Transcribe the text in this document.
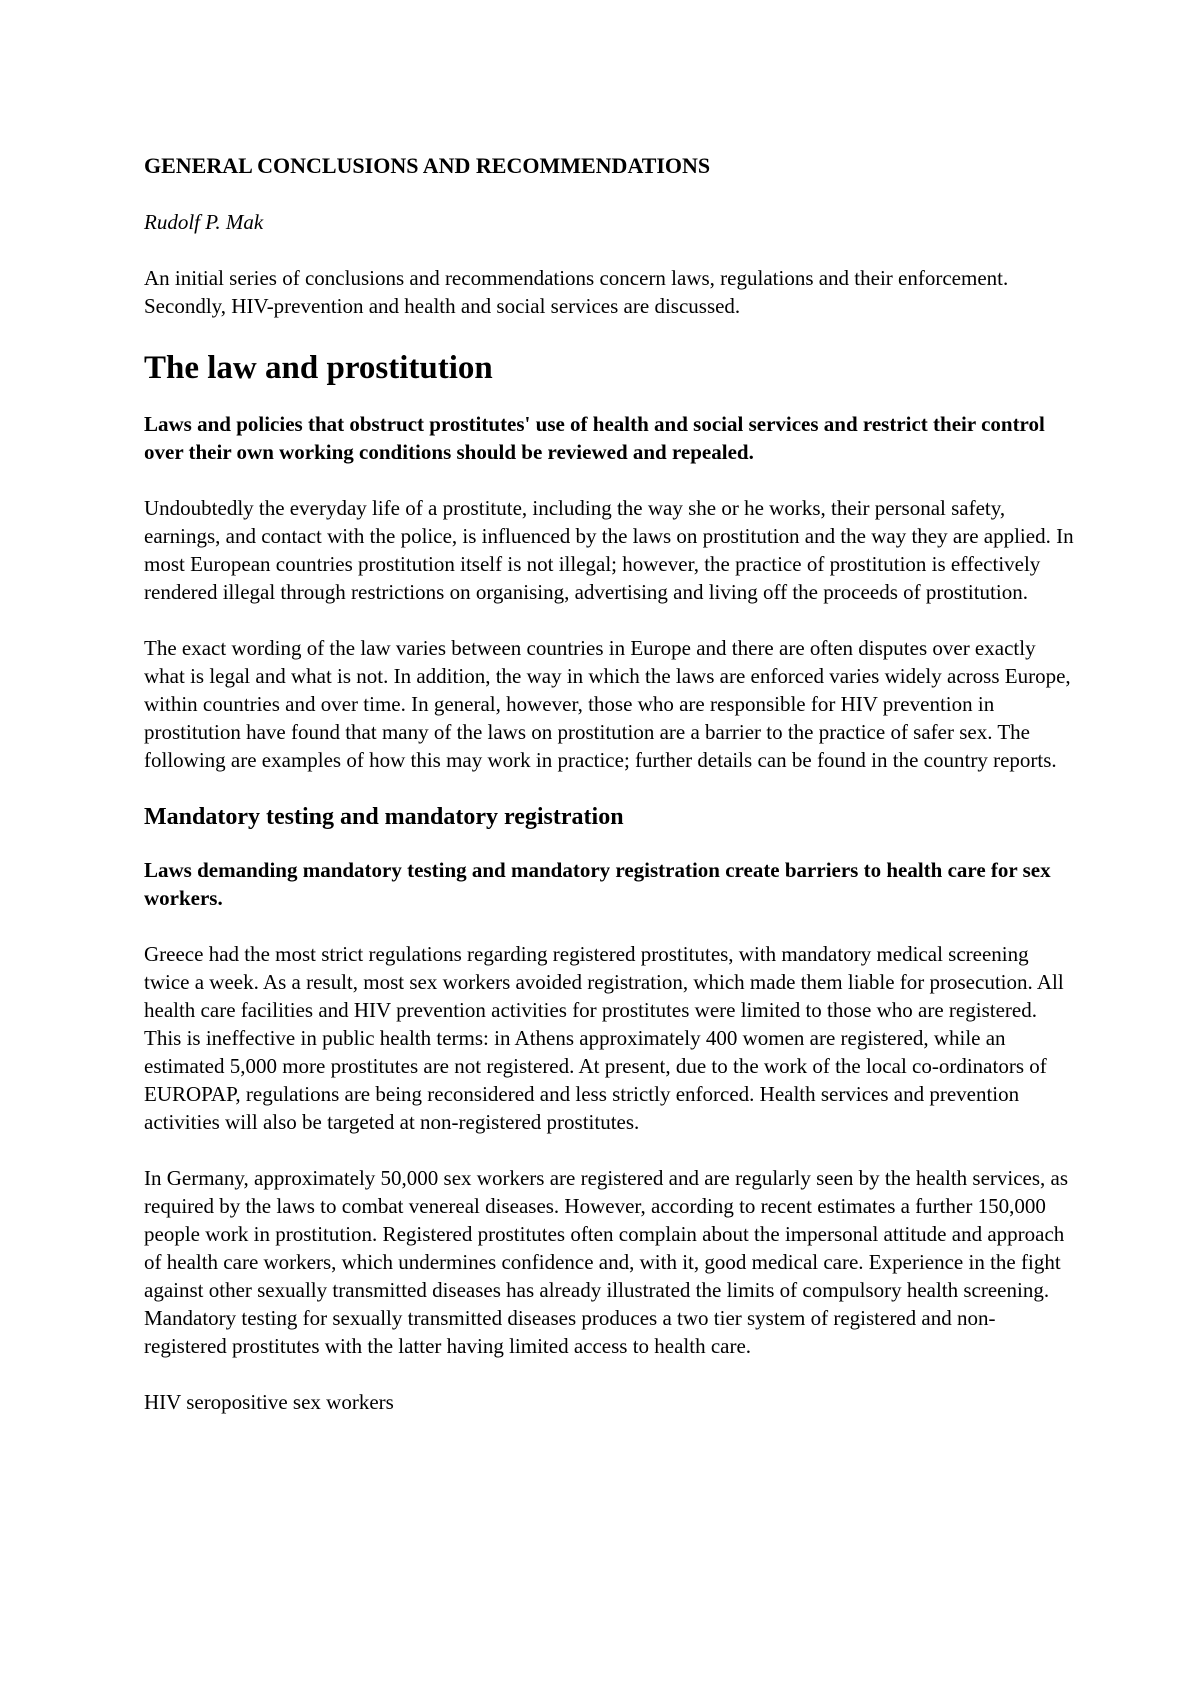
GENERAL CONCLUSIONS AND RECOMMENDATIONS
Rudolf P. Mak

An initial series of conclusions and recommendations concern laws, regulations and their enforcement. Secondly, HIV-prevention and health and social services are discussed.

The law and prostitution

Laws and policies that obstruct prostitutes' use of health and social services and restrict their control over their own working conditions should be reviewed and repealed.

Undoubtedly the everyday life of a prostitute, including the way she or he works, their personal safety, earnings, and contact with the police, is influenced by the laws on prostitution and the way they are applied. In most European countries prostitution itself is not illegal; however, the practice of prostitution is effectively rendered illegal through restrictions on organising, advertising and living off the proceeds of prostitution.

The exact wording of the law varies between countries in Europe and there are often disputes over exactly what is legal and what is not. In addition, the way in which the laws are enforced varies widely across Europe, within countries and over time. In general, however, those who are responsible for HIV prevention in prostitution have found that many of the laws on prostitution are a barrier to the practice of safer sex. The following are examples of how this may work in practice; further details can be found in the country reports.

Mandatory testing and mandatory registration

Laws demanding mandatory testing and mandatory registration create barriers to health care for sex workers.

Greece had the most strict regulations regarding registered prostitutes, with mandatory medical screening twice a week. As a result, most sex workers avoided registration, which made them liable for prosecution. All health care facilities and HIV prevention activities for prostitutes were limited to those who are registered. This is ineffective in public health terms: in Athens approximately 400 women are registered, while an estimated 5,000 more prostitutes are not registered. At present, due to the work of the local co-ordinators of EUROPAP, regulations are being reconsidered and less strictly enforced. Health services and prevention activities will also be targeted at non-registered prostitutes.

In Germany, approximately 50,000 sex workers are registered and are regularly seen by the health services, as required by the laws to combat venereal diseases. However, according to recent estimates a further 150,000 people work in prostitution. Registered prostitutes often complain about the impersonal attitude and approach of health care workers, which undermines confidence and, with it, good medical care. Experience in the fight against other sexually transmitted diseases has already illustrated the limits of compulsory health screening. Mandatory testing for sexually transmitted diseases produces a two tier system of registered and non-registered prostitutes with the latter having limited access to health care.

HIV seropositive sex workers
